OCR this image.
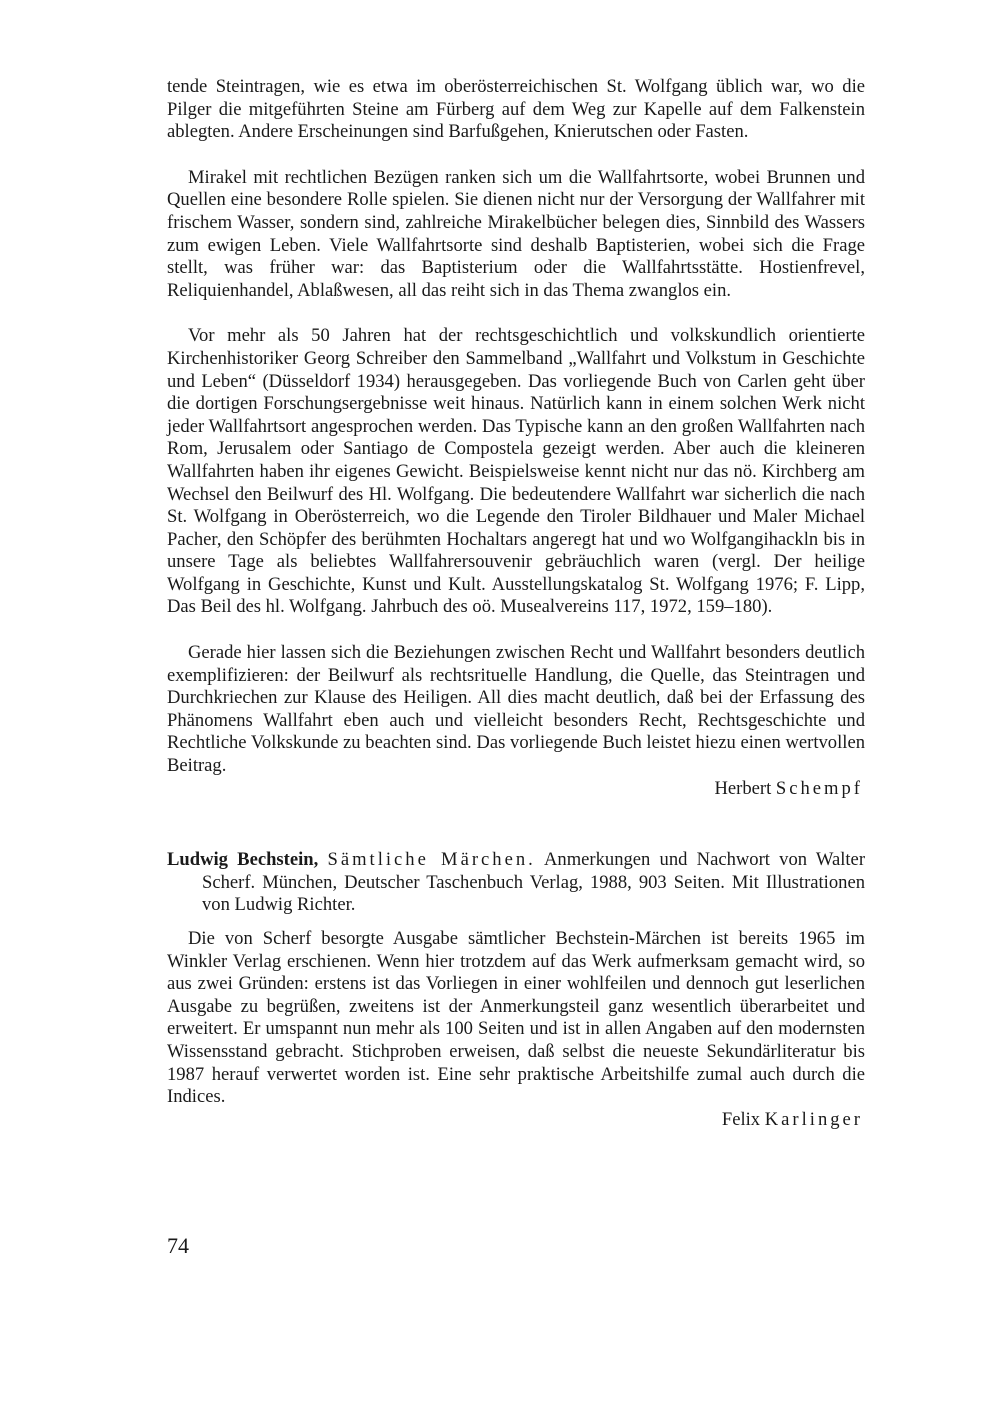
tende Steintragen, wie es etwa im oberösterreichischen St. Wolfgang üblich war, wo die Pilger die mitgeführten Steine am Fürberg auf dem Weg zur Kapelle auf dem Falkenstein ablegten. Andere Erscheinungen sind Barfußgehen, Knierutschen oder Fasten.

Mirakel mit rechtlichen Bezügen ranken sich um die Wallfahrtsorte, wobei Brunnen und Quellen eine besondere Rolle spielen. Sie dienen nicht nur der Versorgung der Wallfahrer mit frischem Wasser, sondern sind, zahlreiche Mirakelbücher belegen dies, Sinnbild des Wassers zum ewigen Leben. Viele Wallfahrtsorte sind deshalb Baptisterien, wobei sich die Frage stellt, was früher war: das Baptisterium oder die Wallfahrtsstätte. Hostienfrevel, Reliquienhandel, Ablaßwesen, all das reiht sich in das Thema zwanglos ein.

Vor mehr als 50 Jahren hat der rechtsgeschichtlich und volkskundlich orientierte Kirchenhistoriker Georg Schreiber den Sammelband „Wallfahrt und Volkstum in Geschichte und Leben“ (Düsseldorf 1934) herausgegeben. Das vorliegende Buch von Carlen geht über die dortigen Forschungsergebnisse weit hinaus. Natürlich kann in einem solchen Werk nicht jeder Wallfahrtsort angesprochen werden. Das Typische kann an den großen Wallfahrten nach Rom, Jerusalem oder Santiago de Compostela gezeigt werden. Aber auch die kleineren Wallfahrten haben ihr eigenes Gewicht. Beispielsweise kennt nicht nur das nö. Kirchberg am Wechsel den Beilwurf des Hl. Wolfgang. Die bedeutendere Wallfahrt war sicherlich die nach St. Wolfgang in Oberösterreich, wo die Legende den Tiroler Bildhauer und Maler Michael Pacher, den Schöpfer des berühmten Hochaltars angeregt hat und wo Wolfgangihackln bis in unsere Tage als beliebtes Wallfahrersouvenir gebräuchlich waren (vergl. Der heilige Wolfgang in Geschichte, Kunst und Kult. Ausstellungskatalog St. Wolfgang 1976; F. Lipp, Das Beil des hl. Wolfgang. Jahrbuch des oö. Musealvereins 117, 1972, 159–180).

Gerade hier lassen sich die Beziehungen zwischen Recht und Wallfahrt besonders deutlich exemplifizieren: der Beilwurf als rechtsrituelle Handlung, die Quelle, das Steintragen und Durchkriechen zur Klause des Heiligen. All dies macht deutlich, daß bei der Erfassung des Phänomens Wallfahrt eben auch und vielleicht besonders Recht, Rechtsgeschichte und Rechtliche Volkskunde zu beachten sind. Das vorliegende Buch leistet hiezu einen wertvollen Beitrag.

Herbert Schempf

Ludwig Bechstein, Sämtliche Märchen. Anmerkungen und Nachwort von Walter Scherf. München, Deutscher Taschenbuch Verlag, 1988, 903 Seiten. Mit Illustrationen von Ludwig Richter.

Die von Scherf besorgte Ausgabe sämtlicher Bechstein-Märchen ist bereits 1965 im Winkler Verlag erschienen. Wenn hier trotzdem auf das Werk aufmerksam gemacht wird, so aus zwei Gründen: erstens ist das Vorliegen in einer wohlfeilen und dennoch gut leserlichen Ausgabe zu begrüßen, zweitens ist der Anmerkungsteil ganz wesentlich überarbeitet und erweitert. Er umspannt nun mehr als 100 Seiten und ist in allen Angaben auf den modernsten Wissensstand gebracht. Stichproben erweisen, daß selbst die neueste Sekundärliteratur bis 1987 herauf verwertet worden ist. Eine sehr praktische Arbeitshilfe zumal auch durch die Indices.

Felix Karlinger

74
